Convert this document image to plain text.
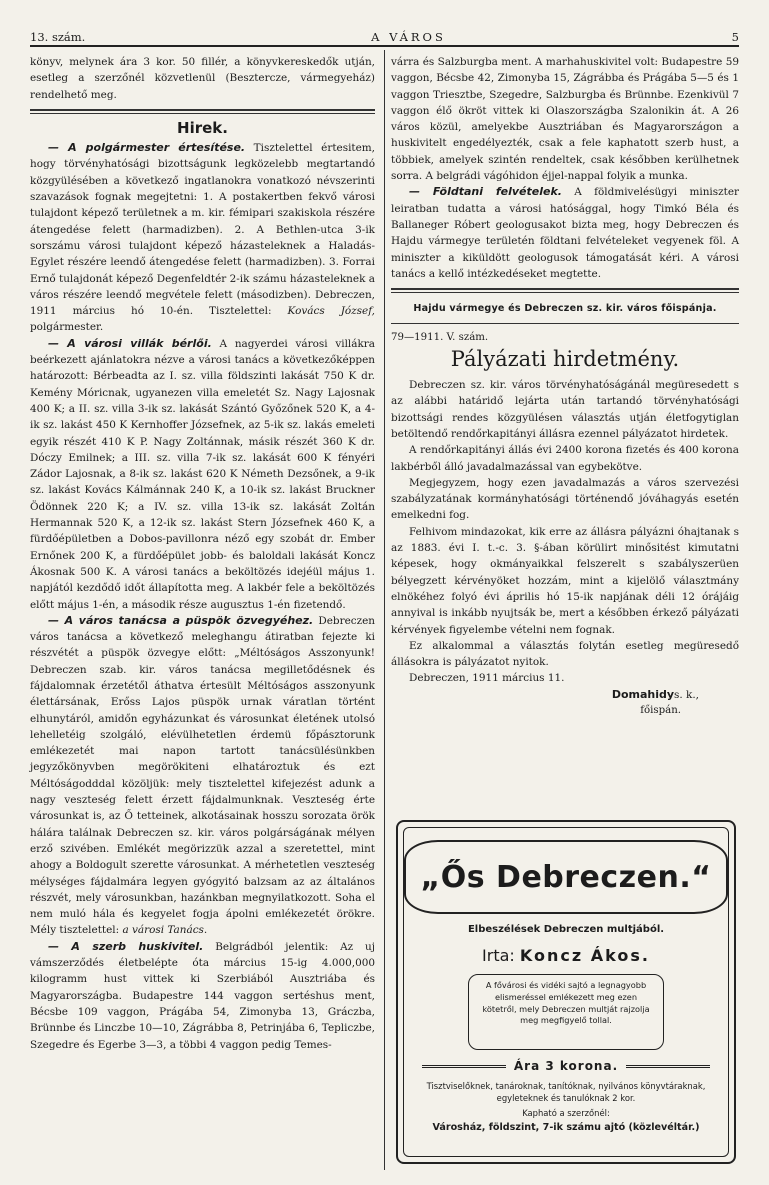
13. szám.	A VÁROS	5

könyv, melynek ára 3 kor. 50 fillér, a könyvkereskedők utján, esetleg a szerzőnél közvetlenül (Besztercze, vármegyeház) rendelhető meg.

Hirek.

— A polgármester értesítése. Tisztelettel értesitem, hogy törvényhatósági bizottságunk legközelebb megtartandó közgyülésében a következő ingatlanokra vonatkozó névszerinti szavazások fognak megejtetni: 1. A postakertben fekvő városi tulajdont képező területnek a m. kir. fémipari szakiskola részére átengedése felett (harmadizben). 2. A Bethlen-utca 3-ik sorszámu városi tulajdont képező házasteleknek a Haladás-Egylet részére leendő átengedése felett (harmadizben). 3. Forrai Ernő tulajdonát képező Degenfeldtér 2-ik számu házasteleknek a város részére leendő megvétele felett (másodizben). Debreczen, 1911 március hó 10-én. Tisztelettel: Kovács József, polgármester.

— A városi villák bérlői. A nagyerdei városi villákra beérkezett ajánlatokra nézve a városi tanács a következőképpen határozott: Bérbeadta az I. sz. villa földszinti lakását 750 K dr. Kemény Móricnak, ugyanezen villa emeletét Sz. Nagy Lajosnak 400 K; a II. sz. villa 3-ik sz. lakását Szántó Győzőnek 520 K, a 4-ik sz. lakást 450 K Kernhoffer Józsefnek, az 5-ik sz. lakás emeleti egyik részét 410 K P. Nagy Zoltánnak, másik részét 360 K dr. Dóczy Emilnek; a III. sz. villa 7-ik sz. lakását 600 K fényéri Zádor Lajosnak, a 8-ik sz. lakást 620 K Németh Dezsőnek, a 9-ik sz. lakást Kovács Kálmánnak 240 K, a 10-ik sz. lakást Bruckner Ödönnek 220 K; a IV. sz. villa 13-ik sz. lakását Zoltán Hermannak 520 K, a 12-ik sz. lakást Stern Józsefnek 460 K, a fürdőépületben a Dobos-pavillonra néző egy szobát dr. Ember Ernőnek 200 K, a fürdőépület jobb- és baloldali lakását Koncz Ákosnak 500 K. A városi tanács a beköltözés idejéül május 1. napjától kezdődő időt állapította meg. A lakbér fele a beköltözés előtt május 1-én, a második része augusztus 1-én fizetendő.

— A város tanácsa a püspök özvegyéhez. Debreczen város tanácsa a következő meleghangu átiratban fejezte ki részvétét a püspök özvegye előtt: „Méltóságos Asszonyunk! Debreczen szab. kir. város tanácsa megilletődésnek és fájdalomnak érzetétől áthatva értesült Méltóságos asszonyunk élettársának, Erőss Lajos püspök urnak váratlan történt elhunytáról, amidőn egyházunkat és városunkat életének utolsó lehelletéig szolgáló, elévülhetetlen érdemü főpásztorunk emlékezetét mai napon tartott tanácsülésünkben jegyzőkönyvben megörökiteni elhatároztuk és ezt Méltóságodddal közöljük: mely tisztelettel kifejezést adunk a nagy veszteség felett érzett fájdalmunknak. Veszteség érte városunkat is, az Ő tetteinek, alkotásainak hosszu sorozata örök hálára találnak Debreczen sz. kir. város polgárságának mélyen erző szivében. Emlékét megörizzük azzal a szeretettel, mint ahogy a Boldogult szerette városunkat. A mérhetetlen veszteség mélységes fájdalmára legyen gyógyitó balzsam az az általános részvét, mely városunkban, hazánkban megnyilatkozott. Soha el nem muló hála és kegyelet fogja ápolni emlékezetét örökre. Mély tisztelettel: a városi Tanács.

— A szerb huskivitel. Belgrádból jelentik: Az uj vámszerződés életbelépte óta március 15-ig 4.000,000 kilogramm hust vittek ki Szerbiából Ausztriába és Magyarországba. Budapestre 144 vaggon sertéshus ment, Bécsbe 109 vaggon, Prágába 54, Zimonyba 13, Gráczba, Brünnbe és Linczbe 10—10, Zágrábba 8, Petrinjába 6, Tepliczbe, Szegedre és Egerbe 3—3, a többi 4 vaggon pedig Temes-

várra és Salzburgba ment. A marhahuskivitel volt: Budapestre 59 vaggon, Bécsbe 42, Zimonyba 15, Zágrábba és Prágába 5—5 és 1 vaggon Triesztbe, Szegedre, Salzburgba és Brünnbe. Ezenkivül 7 vaggon élő ökröt vittek ki Olaszországba Szalonikin át. A 26 város közül, amelyekbe Ausztriában és Magyarországon a huskivitelt engedélyezték, csak a fele kaphatott szerb hust, a többiek, amelyek szintén rendeltek, csak későbben kerülhetnek sorra. A belgrádi vágóhidon éjjel-nappal folyik a munka.

— Földtani felvételek. A földmivelésügyi miniszter leiratban tudatta a városi hatósággal, hogy Timkó Béla és Ballaneger Róbert geologusakot bizta meg, hogy Debreczen és Hajdu vármegye területén földtani felvételeket vegyenek föl. A miniszter a kiküldött geologusok támogatását kéri. A városi tanács a kellő intézkedéseket megtette.

Hajdu vármegye és Debreczen sz. kir. város főispánja.

79—1911. V. szám.

Pályázati hirdetmény.

Debreczen sz. kir. város törvényhatóságánál megüresedett s az alábbi határidő lejárta után tartandó törvényhatósági bizottsági rendes közgyülésen választás utján életfogytiglan betöltendő rendőrkapitányi állásra ezennel pályázatot hirdetek.

A rendőrkapitányi állás évi 2400 korona fizetés és 400 korona lakbérből álló javadalmazással van egybekötve.

Megjegyzem, hogy ezen javadalmazás a város szervezési szabályzatának kormányhatósági történendő jóváhagyás esetén emelkedni fog.

Felhivom mindazokat, kik erre az állásra pályázni óhajtanak s az 1883. évi I. t.-c. 3. §-ában körülirt minősitést kimutatni képesek, hogy okmányaikkal felszerelt s szabályszerüen bélyegzett kérvényöket hozzám, mint a kijelölő választmány elnökéhez folyó évi április hó 15-ik napjának déli 12 órájáig annyival is inkább nyujtsák be, mert a későbben érkező pályázati kérvények figyelembe vételni nem fognak.

Ez alkalommal a választás folytán esetleg megüresedő állásokra is pályázatot nyitok.

Debreczen, 1911 március 11.

Domahidy s. k.,
főispán.
„Ős Debreczen.“
Elbeszélések Debreczen multjából.
Irta: Koncz Ákos.
A fővárosi és vidéki sajtó a legnagyobb elismeréssel emlékezett meg ezen kötetről, mely Debreczen multját rajzolja meg megfigyelő tollal.
Ára 3 korona.
Tisztviselőknek, tanároknak, tanítóknak, nyilvános könyvtáraknak, egyleteknek és tanulóknak 2 kor.
Kapható a szerzőnél:
Városház, földszint, 7-ik számu ajtó (közlevéltár.)
